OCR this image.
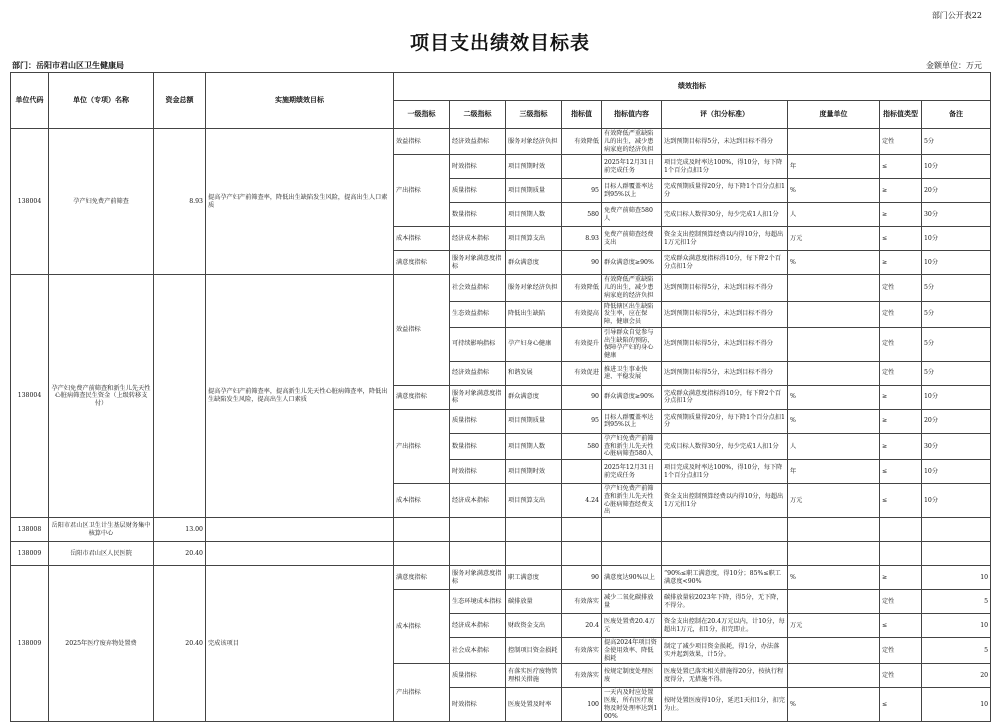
部门公开表22
项目支出绩效目标表
部门：岳阳市君山区卫生健康局	金额单位：万元
单位代码	单位（专项）名称	资金总额	实施期绩效目标	绩效指标								
				一级指标	二级指标	三级指标	指标值	指标值内容	评（扣分标准）	度量单位	指标值类型	备注
138004	孕产妇免费产前筛查	8.93	提高孕产妇产前筛查率，降低出生缺陷发生风险，提高出生人口素质	效益指标	经济效益指标	服务对象经济负担	有效降低	有效降低严重缺陷儿的出生，减少患病家庭的经济负担	达到预期目标得5分，未达到目标不得分		定性	5分
				产出指标	时效指标	项目预期时效		2025年12月31日前完成任务	项目完成及时率达100%，得10分，每下降1个百分点扣1分	年	≤	10分
					质量指标	项目预期质量	95	目标人群覆盖率达到95%以上	完成预期质量得20分，每下降1个百分点扣1分	%	≥	20分
					数量指标	项目预期人数	580	免费产前筛查580人	完成目标人数得30分，每少完成1人扣1分	人	≥	30分
				成本指标	经济成本指标	项目预算支出	8.93	免费产前筛查经费支出	资金支出控制预算经费以内得10分，每超出1万元扣1分	万元	≤	10分
				满意度指标	服务对象满意度指标	群众满意度	90	群众满意度≥90%	完成群众满意度指标得10分，每下降2个百分点扣1分	%	≥	10分
138004	孕产妇免费产前筛查和新生儿先天性心脏病筛查民生资金（上级转移支付）		提高孕产妇产前筛查率，提高新生儿先天性心脏病筛查率，降低出生缺陷发生风险，提高出生人口素质	效益指标	社会效益指标	服务对象经济负担	有效降低	有效降低严重缺陷儿的出生，减少患病家庭的经济负担	达到预期目标得5分，未达到目标不得分		定性	5分
					生态效益指标	降低出生缺陷	有效提高	降低辖区出生缺陷发生率，应在保障，健康会员	达到预期目标得5分，未达到目标不得分		定性	5分
					可持续影响指标	孕产妇身心健康	有效提升	引导群众自觉参与出生缺陷的预防，保障孕产妇的身心健康	达到预期目标得5分，未达到目标不得分		定性	5分
					经济效益指标	和谐发展	有效促进	推进卫生事业快速、平稳发展	达到预期目标得5分，未达到目标不得分		定性	5分
				满意度指标	服务对象满意度指标	群众满意度	90	群众满意度≥90%	完成群众满意度指标得10分，每下降2个百分点扣1分	%	≥	10分
				产出指标	质量指标	项目预期质量	95	目标人群覆盖率达到95%以上	完成预期质量得20分，每下降1个百分点扣1分	%	≥	20分
					数量指标	项目预期人数	580	孕产妇免费产前筛查和新生儿先天性心脏病筛查580人	完成目标人数得30分，每少完成1人扣1分	人	≥	30分
					时效指标	项目预期时效		2025年12月31日前完成任务	项目完成及时率达100%，得10分，每下降1个百分点扣1分	年	≤	10分
				成本指标	经济成本指标	项目预算支出	4.24	孕产妇免费产前筛查和新生儿先天性心脏病筛查经费支出	资金支出控制预算经费以内得10分，每超出1万元扣1分	万元	≤	10分
138008	岳阳市君山区卫生计生基层财务集中核算中心	13.00										
138009	岳阳市君山区人民医院	20.40										
138009	2025年医疗废弃物处置费	20.40	完成该项目	满意度指标	服务对象满意度指标	职工满意度	90	满意度达90%以上	“90%≤职工满意度，得10分；85%≤职工满意度<90%	%	≥	10
				成本指标	生态环境成本指标	碳排放量	有效落实	减少二氧化碳排放量	碳排放量较2023年下降，得5分，无下降，不得分。		定性	5
					经济成本指标	财政资金支出	20.4	医废处置费20.4万元	资金支出控制在20.4万元以内，计10分，每超出1万元，扣1分，扣完即止。	万元	≤	10
					社会成本指标	控制项目资金损耗	有效落实	提高2024年项目资金使用效率、降低损耗	制定了减少项目资金损耗，得1分，办法落实并起到效果，计5分。		定性	5
				产出指标	质量指标	有落实医疗废物管理相关措施	有效落实	按规定制度处理医废	医废处置已落实相关措施得20分，按执行程度得分，无措施不得。		定性	20
					时效指标	医废处置及时率	100	一天内及时应处置医废，所有医疗废物及时处理率达到100%	按时处置医废得10分，延迟1天扣1分，扣完为止。	%	≤	10
